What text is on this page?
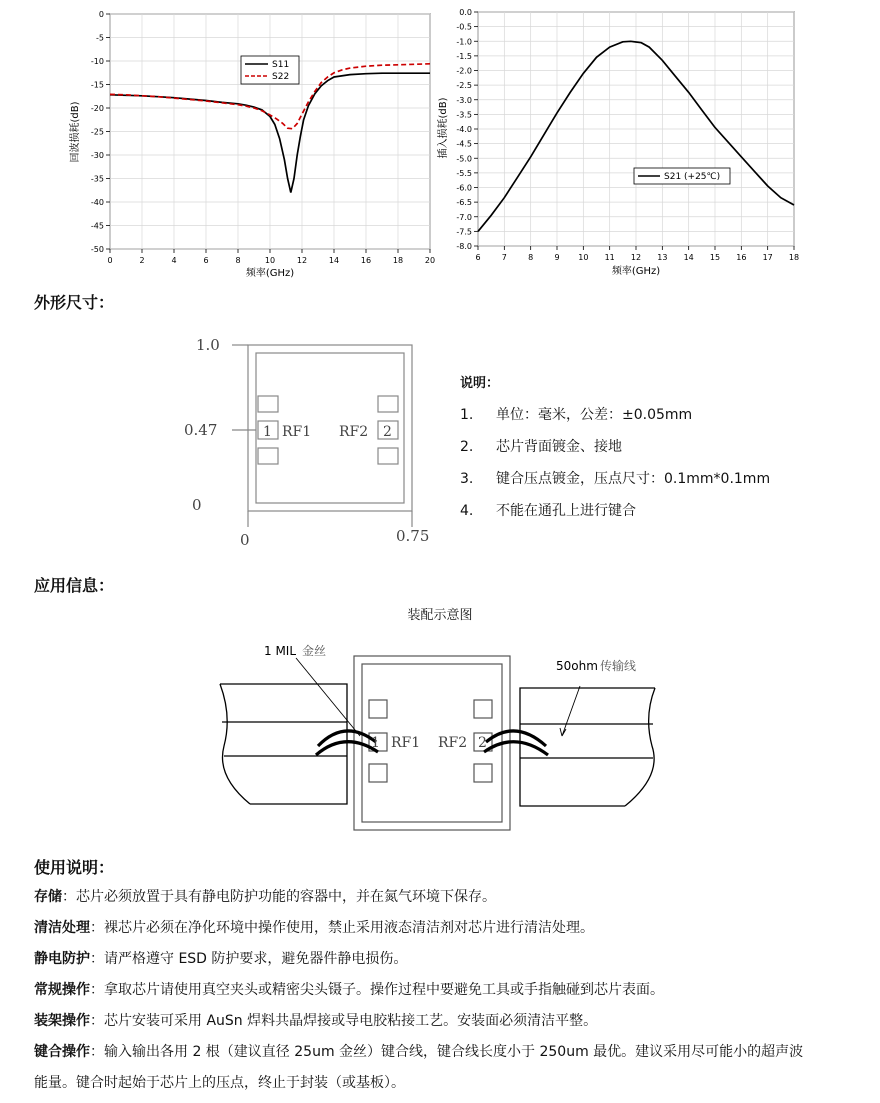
0
-5
-10
-15
-20
-25
-30
-35
-40
-45
-50
0	2	4	6	8	10	12	14	16	18	20
回波损耗(dB)
频率(GHz)
S11
S22
0.0
-0.5
-1.0
-1.5
-2.0
-2.5
-3.0
-3.5
-4.0
-4.5
-5.0
-5.5
-6.0
-6.5
-7.0
-7.5
-8.0
6	7	8	9 10 11 12 13 14 15 16 17 18
插入损耗(dB)
频率(GHz)
S21 (+25℃)
外形尺寸：
1.0
0.47
0
0	0.75
1 RF1 RF2 2
说明：
1. 单位：毫米，公差：±0.05mm
2. 芯片背面镀金、接地
3. 键合压点镀金，压点尺寸：0.1mm*0.1mm
4. 不能在通孔上进行键合
应用信息：
装配示意图
1 RF1 RF2 2
1 MIL 金丝
50ohm 传输线
使用说明：
存储：芯片必须放置于具有静电防护功能的容器中，并在氮气环境下保存。
清洁处理：裸芯片必须在净化环境中操作使用，禁止采用液态清洁剂对芯片进行清洁处理。
静电防护：请严格遵守 ESD 防护要求，避免器件静电损伤。
常规操作：拿取芯片请使用真空夹头或精密尖头镊子。操作过程中要避免工具或手指触碰到芯片表面。
装架操作：芯片安装可采用 AuSn 焊料共晶焊接或导电胶粘接工艺。安装面必须清洁平整。
键合操作：输入输出各用 2 根（建议直径 25um 金丝）键合线，键合线长度小于 250um 最优。建议采用尽可能小的超声波
能量。键合时起始于芯片上的压点，终止于封装（或基板）。
